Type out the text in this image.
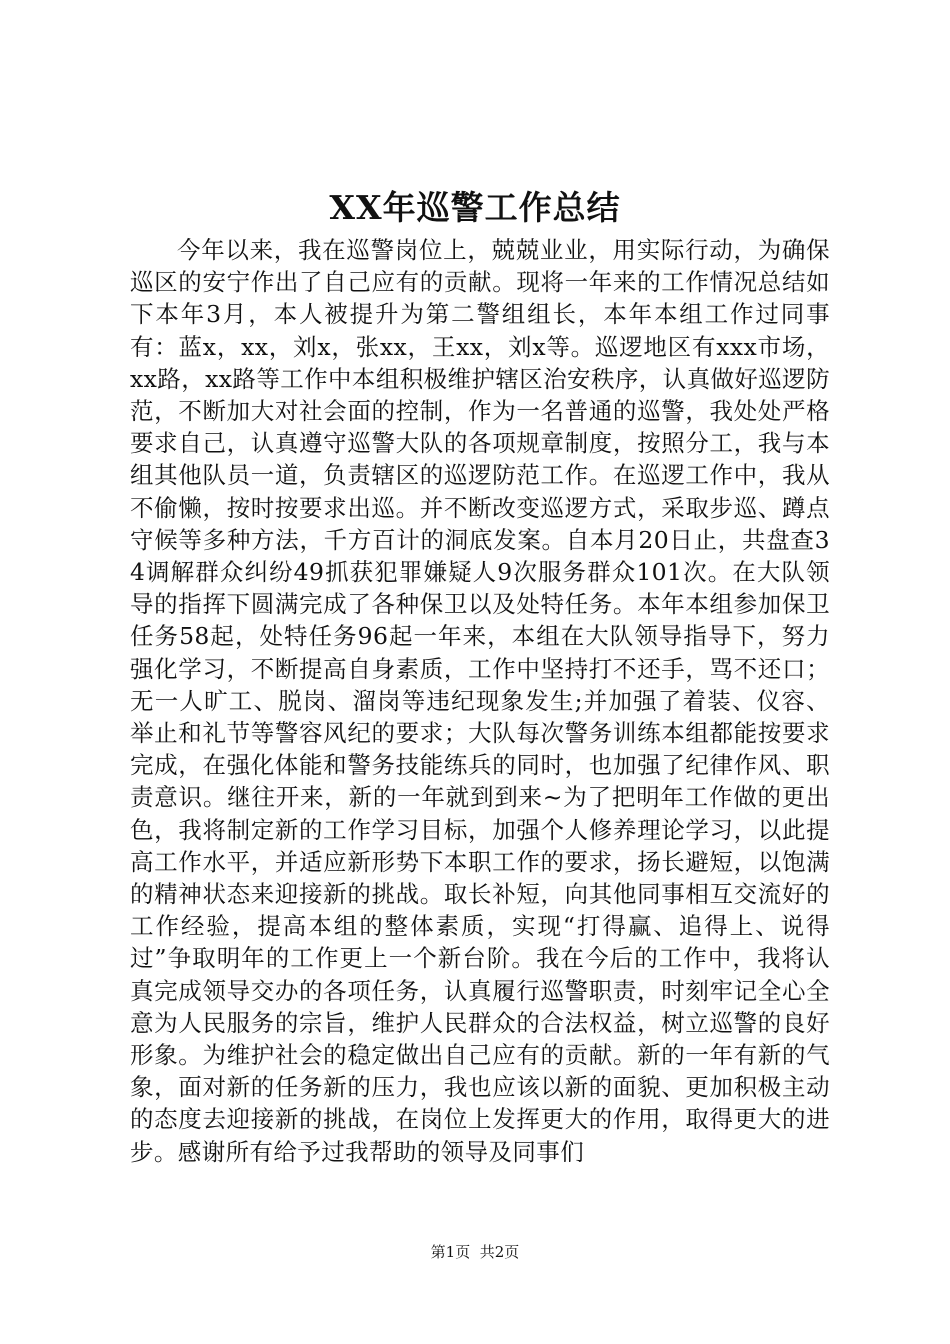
XX年巡警工作总结

今年以来，我在巡警岗位上，兢兢业业，用实际行动，为确保巡区的安宁作出了自己应有的贡献。现将一年来的工作情况总结如下本年3月，本人被提升为第二警组组长，本年本组工作过同事有：蓝x，xx，刘x，张xx，王xx，刘x等。巡逻地区有xxx市场，xx路，xx路等工作中本组积极维护辖区治安秩序，认真做好巡逻防范，不断加大对社会面的控制，作为一名普通的巡警，我处处严格要求自己，认真遵守巡警大队的各项规章制度，按照分工，我与本组其他队员一道，负责辖区的巡逻防范工作。在巡逻工作中，我从不偷懒，按时按要求出巡。并不断改变巡逻方式，采取步巡、蹲点守候等多种方法，千方百计的洞底发案。自本月20日止，共盘查34调解群众纠纷49抓获犯罪嫌疑人9次服务群众101次。在大队领导的指挥下圆满完成了各种保卫以及处特任务。本年本组参加保卫任务58起，处特任务96起一年来，本组在大队领导指导下，努力强化学习，不断提高自身素质，工作中坚持打不还手，骂不还口；无一人旷工、脱岗、溜岗等违纪现象发生;并加强了着装、仪容、举止和礼节等警容风纪的要求；大队每次警务训练本组都能按要求完成，在强化体能和警务技能练兵的同时，也加强了纪律作风、职责意识。继往开来，新的一年就到到来~为了把明年工作做的更出色，我将制定新的工作学习目标，加强个人修养理论学习，以此提高工作水平，并适应新形势下本职工作的要求，扬长避短，以饱满的精神状态来迎接新的挑战。取长补短，向其他同事相互交流好的工作经验，提高本组的整体素质，实现“打得赢、追得上、说得过”争取明年的工作更上一个新台阶。我在今后的工作中，我将认真完成领导交办的各项任务，认真履行巡警职责，时刻牢记全心全意为人民服务的宗旨，维护人民群众的合法权益，树立巡警的良好形象。为维护社会的稳定做出自己应有的贡献。新的一年有新的气象，面对新的任务新的压力，我也应该以新的面貌、更加积极主动的态度去迎接新的挑战，在岗位上发挥更大的作用，取得更大的进步。感谢所有给予过我帮助的领导及同事们

第1页 共2页
